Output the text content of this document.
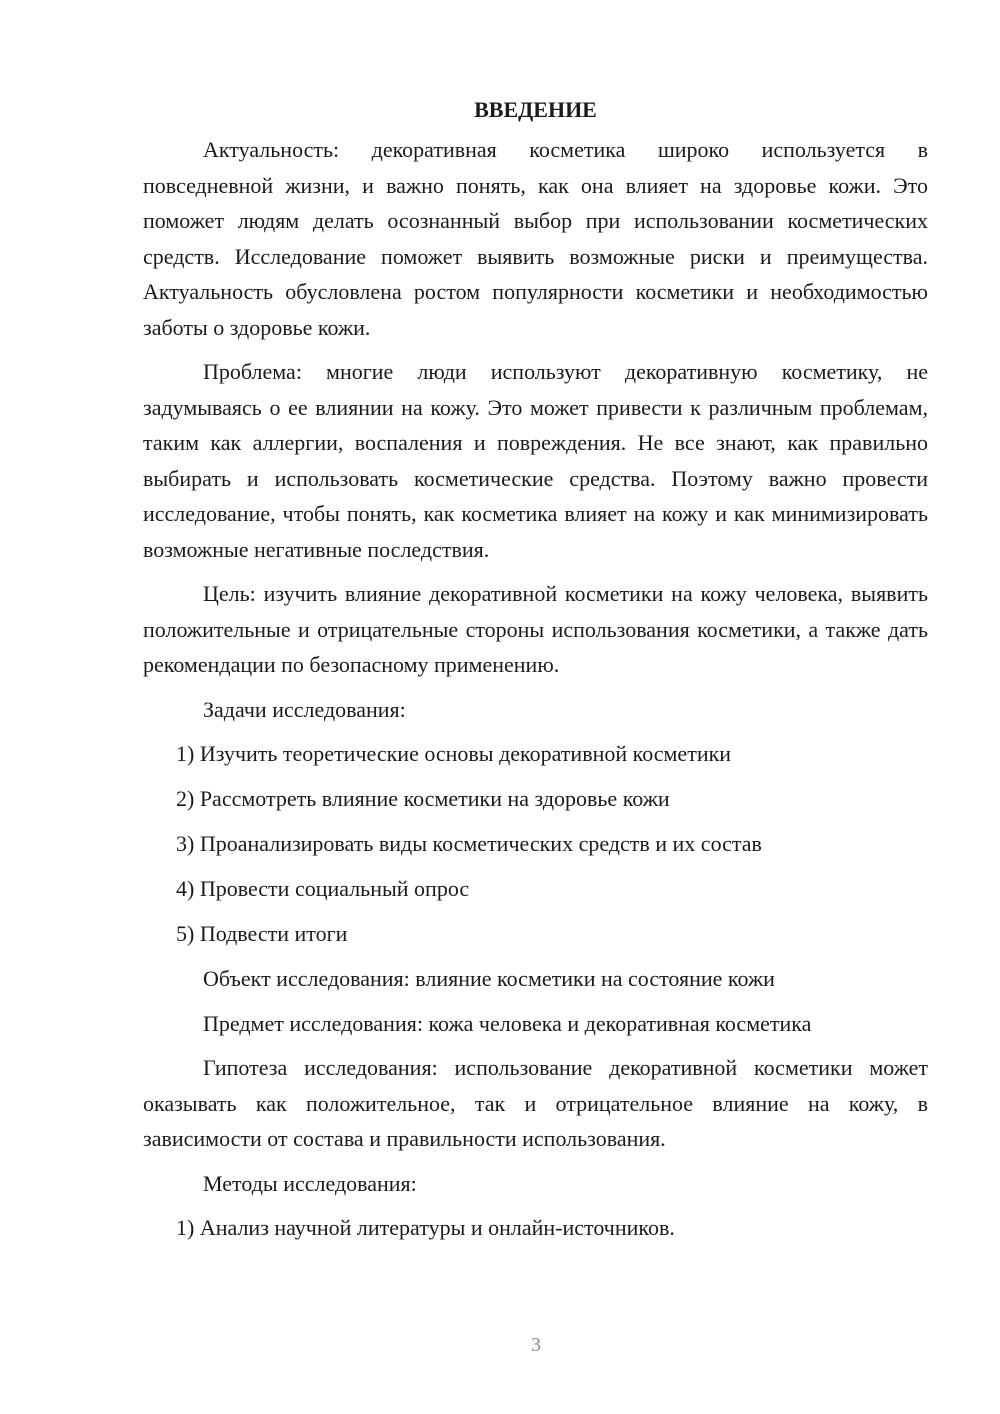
ВВЕДЕНИЕ

Актуальность: декоративная косметика широко используется в повседневной жизни, и важно понять, как она влияет на здоровье кожи. Это поможет людям делать осознанный выбор при использовании косметических средств. Исследование поможет выявить возможные риски и преимущества. Актуальность обусловлена ростом популярности косметики и необходимостью заботы о здоровье кожи.

Проблема: многие люди используют декоративную косметику, не задумываясь о ее влиянии на кожу. Это может привести к различным проблемам, таким как аллергии, воспаления и повреждения. Не все знают, как правильно выбирать и использовать косметические средства. Поэтому важно провести исследование, чтобы понять, как косметика влияет на кожу и как минимизировать возможные негативные последствия.

Цель: изучить влияние декоративной косметики на кожу человека, выявить положительные и отрицательные стороны использования косметики, а также дать рекомендации по безопасному применению.

Задачи исследования:

1) Изучить теоретические основы декоративной косметики
2) Рассмотреть влияние косметики на здоровье кожи
3) Проанализировать виды косметических средств и их состав
4) Провести социальный опрос
5) Подвести итоги

Объект исследования: влияние косметики на состояние кожи

Предмет исследования: кожа человека и декоративная косметика

Гипотеза исследования: использование декоративной косметики может оказывать как положительное, так и отрицательное влияние на кожу, в зависимости от состава и правильности использования.

Методы исследования:

1) Анализ научной литературы и онлайн-источников.
3
